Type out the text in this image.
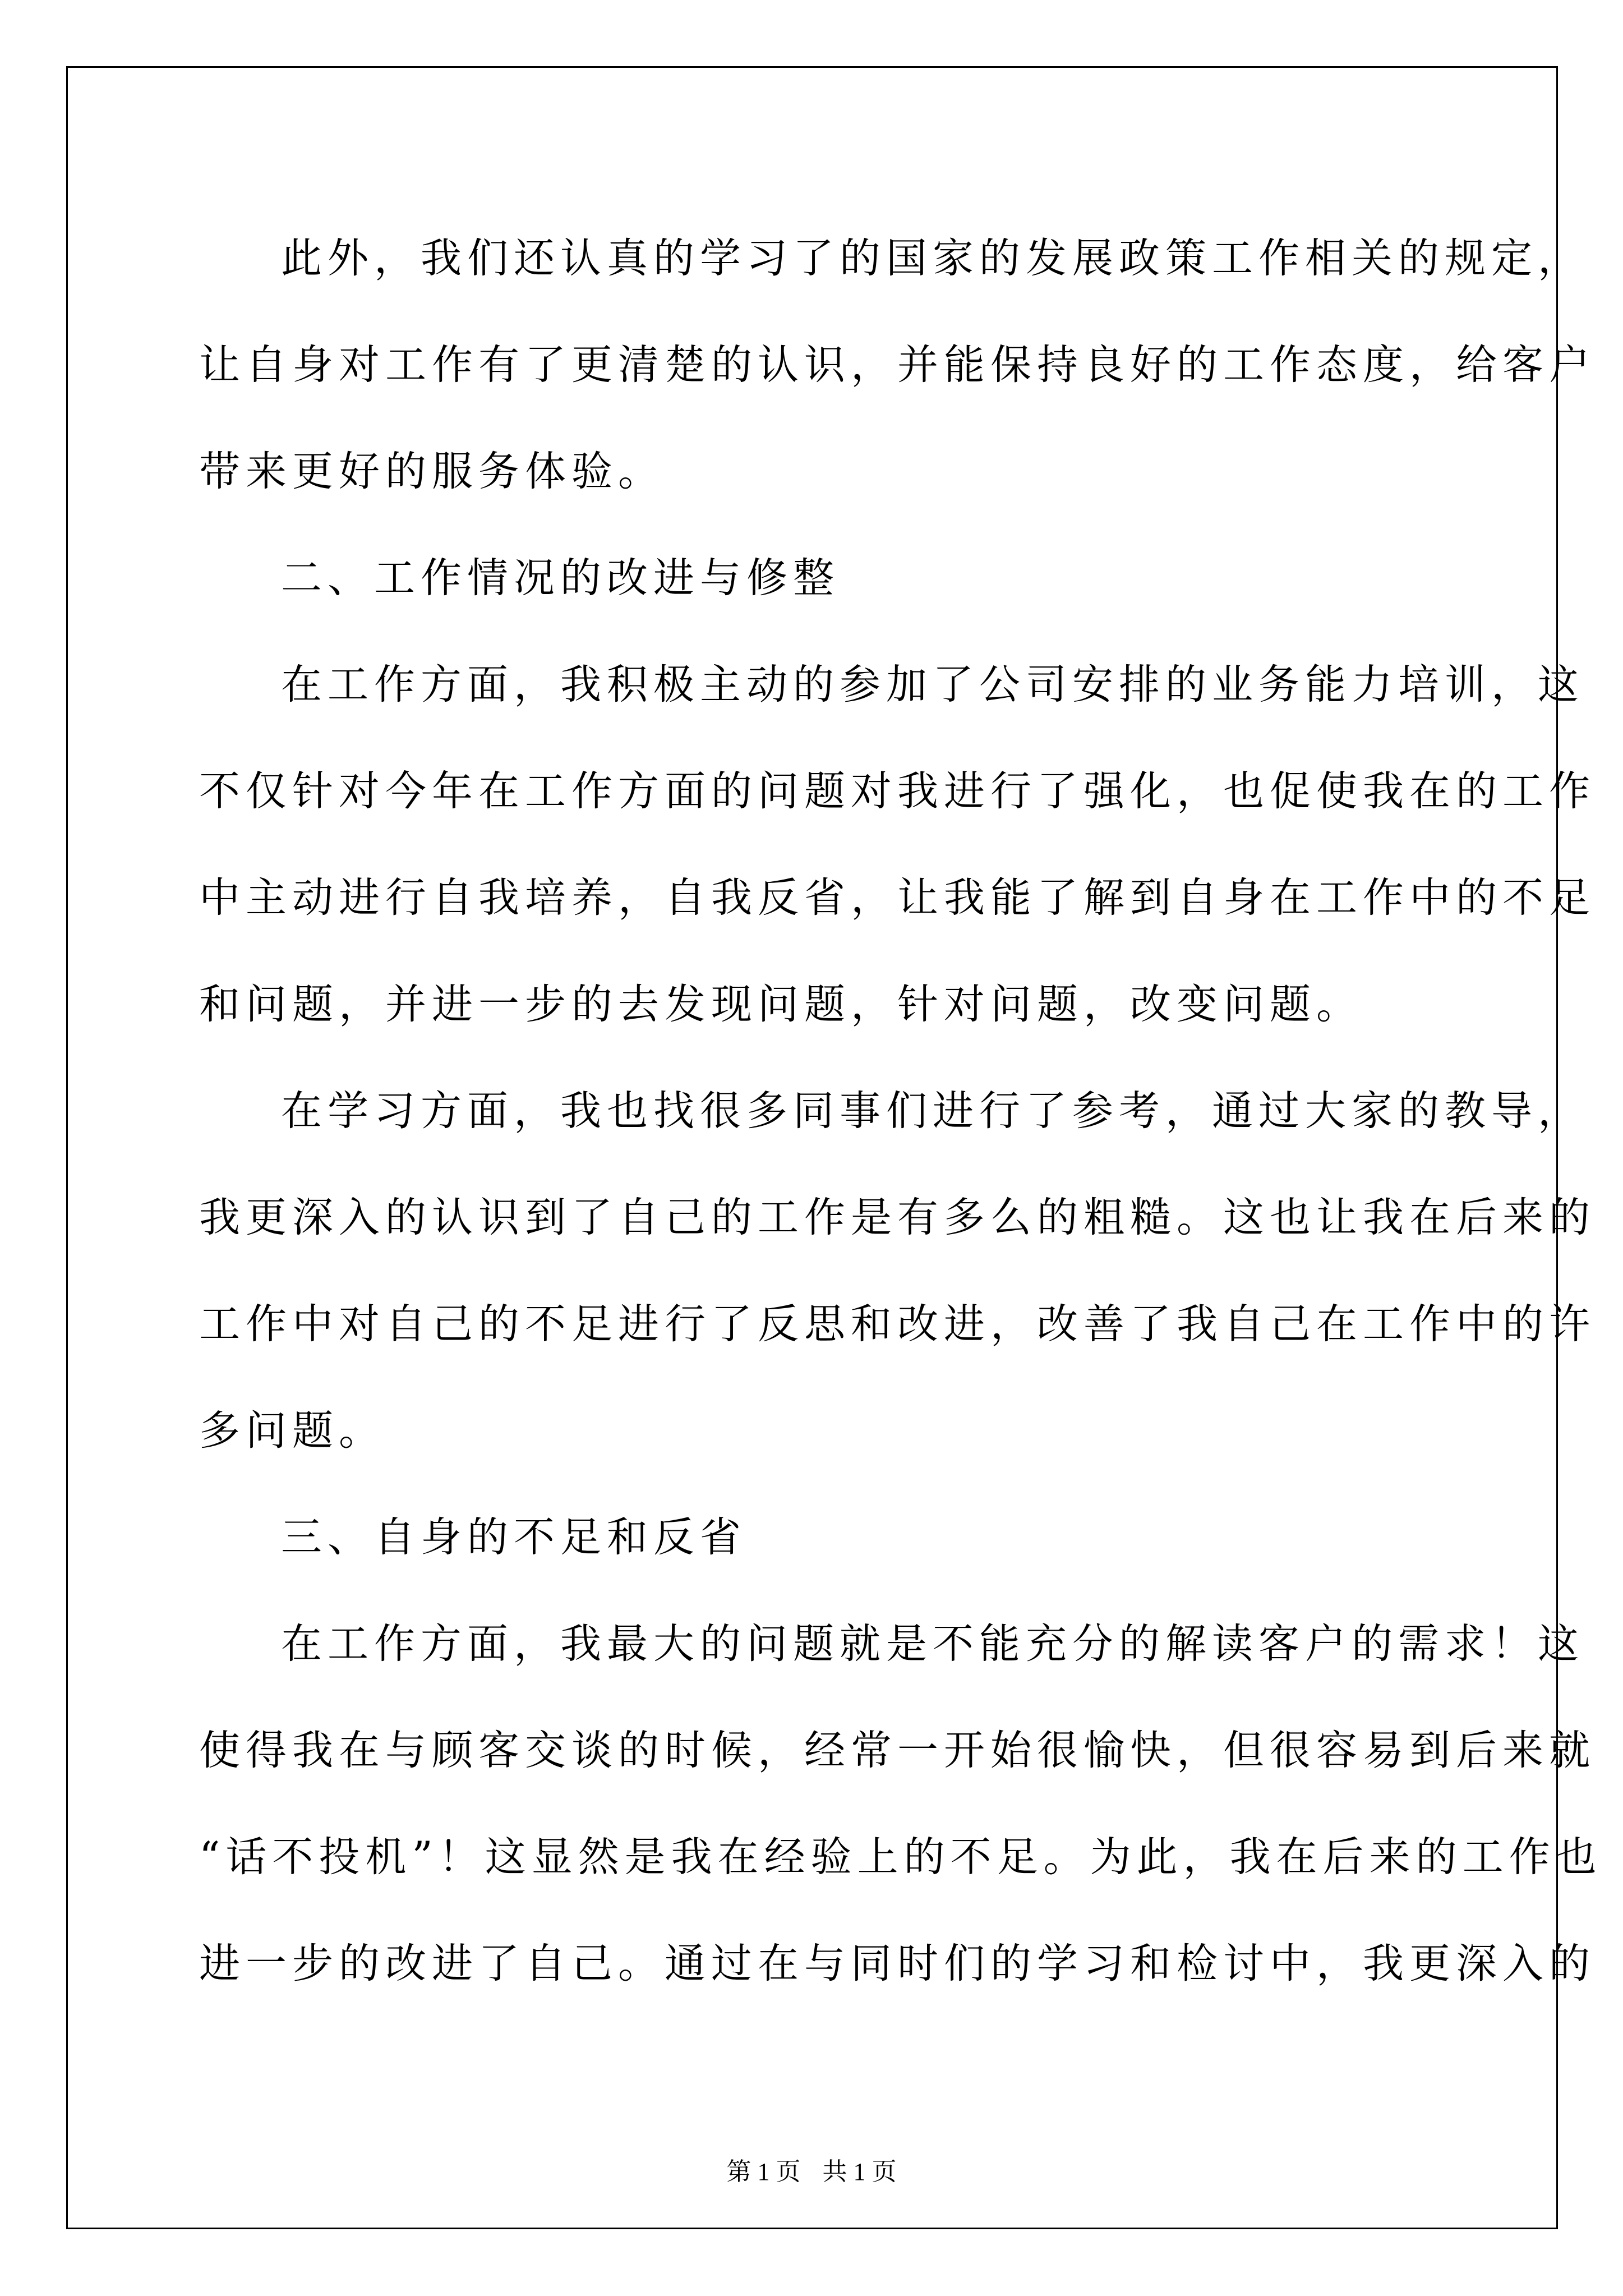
此外，我们还认真的学习了的国家的发展政策工作相关的规定，
让自身对工作有了更清楚的认识，并能保持良好的工作态度，给客户
带来更好的服务体验。
二、工作情况的改进与修整
在工作方面，我积极主动的参加了公司安排的业务能力培训，这
不仅针对今年在工作方面的问题对我进行了强化，也促使我在的工作
中主动进行自我培养，自我反省，让我能了解到自身在工作中的不足
和问题，并进一步的去发现问题，针对问题，改变问题。
在学习方面，我也找很多同事们进行了参考，通过大家的教导，
我更深入的认识到了自己的工作是有多么的粗糙。这也让我在后来的
工作中对自己的不足进行了反思和改进，改善了我自己在工作中的许
多问题。
三、自身的不足和反省
在工作方面，我最大的问题就是不能充分的解读客户的需求！这
使得我在与顾客交谈的时候，经常一开始很愉快，但很容易到后来就
“话不投机”！这显然是我在经验上的不足。为此，我在后来的工作也
进一步的改进了自己。通过在与同时们的学习和检讨中，我更深入的
第 1 页 共 1 页
